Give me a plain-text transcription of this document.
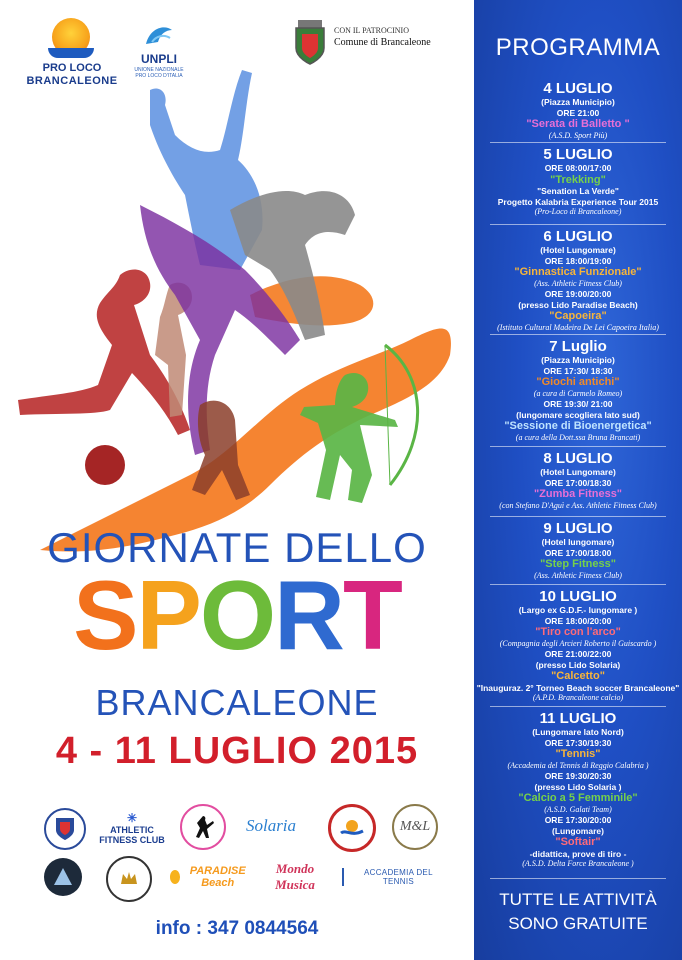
PRO LOCO
BRANCALEONE
UNPLI
UNIONE NAZIONALE PRO LOCO D'ITALIA
CON IL PATROCINIO
Comune di Brancaleone
GIORNATE DELLO
SPORT
BRANCALEONE
4 - 11 LUGLIO 2015
✳
ATHLETIC FITNESS CLUB
Solaria	M&L
PARADISE Beach
Mondo Musica
ACCADEMIA DEL TENNIS
info : 347 0844564
PROGRAMMA
4 LUGLIO
(Piazza Municipio)
ORE 21:00
"Serata di Balletto "
(A.S.D. Sport Più)
5 LUGLIO
ORE 08:00/17:00
"Trekking"
"Senation La Verde"
Progetto Kalabria Experience Tour 2015
(Pro-Loco di Brancaleone)
6 LUGLIO
(Hotel Lungomare)
ORE 18:00/19:00
"Ginnastica Funzionale"
(Ass. Athletic Fitness Club)
ORE 19:00/20:00
(presso Lido Paradise Beach)
"Capoeira"
(Istituto Cultural Madeira De Lei Capoeira Italia)
7 Luglio
(Piazza Municipio)
ORE 17:30/ 18:30
"Giochi antichi"
(a cura di Carmelo Romeo)
ORE 19:30/ 21:00
(lungomare scogliera lato sud)
"Sessione di Bioenergetica"
(a cura della Dott.ssa Bruna Brancati)
8 LUGLIO
(Hotel Lungomare)
ORE 17:00/18:30
"Zumba Fitness"
(con Stefano D'Aguì e Ass. Athletic Fitness Club)
9 LUGLIO
(Hotel lungomare)
ORE 17:00/18:00
"Step Fitness"
(Ass. Athletic Fitness Club)
10 LUGLIO
(Largo ex G.D.F.- lungomare )
ORE 18:00/20:00
"Tiro con l'arco"
(Compagnia degli Arcieri Roberto il Guiscardo )
ORE 21:00/22:00
(presso Lido Solaria)
"Calcetto"
"Inauguraz. 2° Torneo Beach soccer Brancaleone"
(A.P.D. Brancaleone calcio)
11 LUGLIO
(Lungomare lato Nord)
ORE 17:30/19:30
"Tennis"
(Accademia del Tennis di Reggio Calabria )
ORE 19:30/20:30
(presso Lido Solaria )
"Calcio a 5 Femminile"
(A.S.D. Galati Team)
ORE 17:30/20:00
(Lungomare)
"Softair"
-didattica, prove di tiro -
(A.S.D. Delta Force Brancaleone )
TUTTE LE ATTIVITÀ
SONO GRATUITE
